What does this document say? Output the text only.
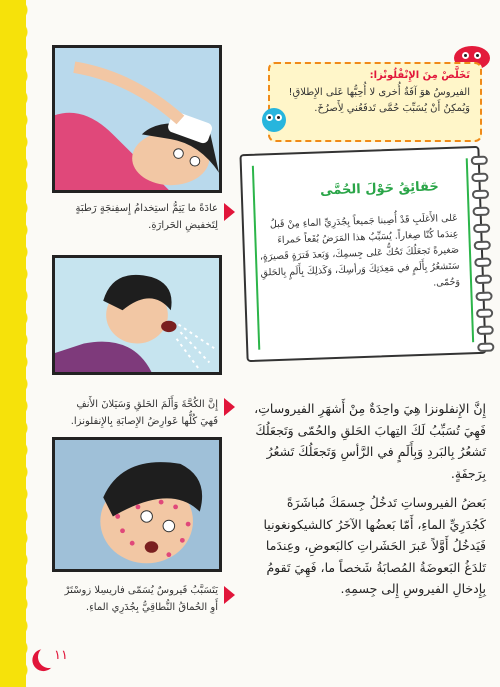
عادَةً ما يَتِمُّ استِخدامُ إِسفِنجَةٍ رَطبَةٍ لِتَخفيضِ الحَرارَةِ.
إِنَّ الكُحَّةَ وَأَلَمَ الحَلقِ وَسَيَلانَ الأَنفِ فَهيَ كُلُّها عَوارِضُ الإِصابَةِ بِالإِنفلونزا.
يَتَسَبَّبُ فَيروسٌ يُسَمّى فاريسِلا زوسْتَرْ أَوِ الحُماقُ النُّطاقِيُّ بِجُدَرِي الماءِ.
تَخَلَّصْ مِنَ الإِنْفْلُونْزا:
الفيروسُ هوَ آفَةٌ أُخرى لا أُحِبُّها عَلى الإِطلاقِ! وَيُمكِنُ أَنْ يُسَبِّبَ حُمَّى تَدفَعُني لِأَصرُخَ.
حَقائِقُ حَوْلَ الحُمَّى
عَلى الأَغلَبِ قَدْ أُصِبنا جَميعاً بِجُدَرِيِّ الماءِ مِنْ قَبلُ عِندَما كُنّا صِغاراً. يُسَبِّبُ هذا المَرَضُ بُقَعاً حَمراءَ صَغيرةً تَجعَلُكَ تَحُكُّ عَلى جِسمِكَ، وَبَعدَ فَترَةٍ قَصيرَةٍ، سَتَشعُرُ بِأَلَمٍ في مَعِدَتِكَ وَرأسِكَ، وَكَذلِكَ بِأَلَمٍ بِالحَلقِ وَحُمّى.

إِنَّ الإِنفلونزا هِيَ واحِدَةٌ مِنْ أَشهَرِ الفيروساتِ، فَهِيَ تُسَبِّبُ لَكَ التِهابَ الحَلقِ والحُمّى وَتَجعَلُكَ تَشعُرُ بِالبَردِ وَبِأَلَمٍ في الرَّأسِ وَتَجعَلُكَ تَشعُرُ بِرَجفَةٍ.

بَعضُ الفيروساتِ تَدخُلُ جِسمَكَ مُباشَرَةً كَجُدَرِيِّ الماءِ، أَمّا بَعضُها الآخَرُ كالشيكونغونيا فَيَدخُلُ أَوَّلاً عَبرَ الحَشَراتِ كالبَعوضِ، وعِندَما تَلدَغُ البَعوضَةُ المُصابَةُ شَخصاً ما، فَهِيَ تَقومُ بِإِدخالِ الفيروسِ إِلى جِسمِهِ.

١١
